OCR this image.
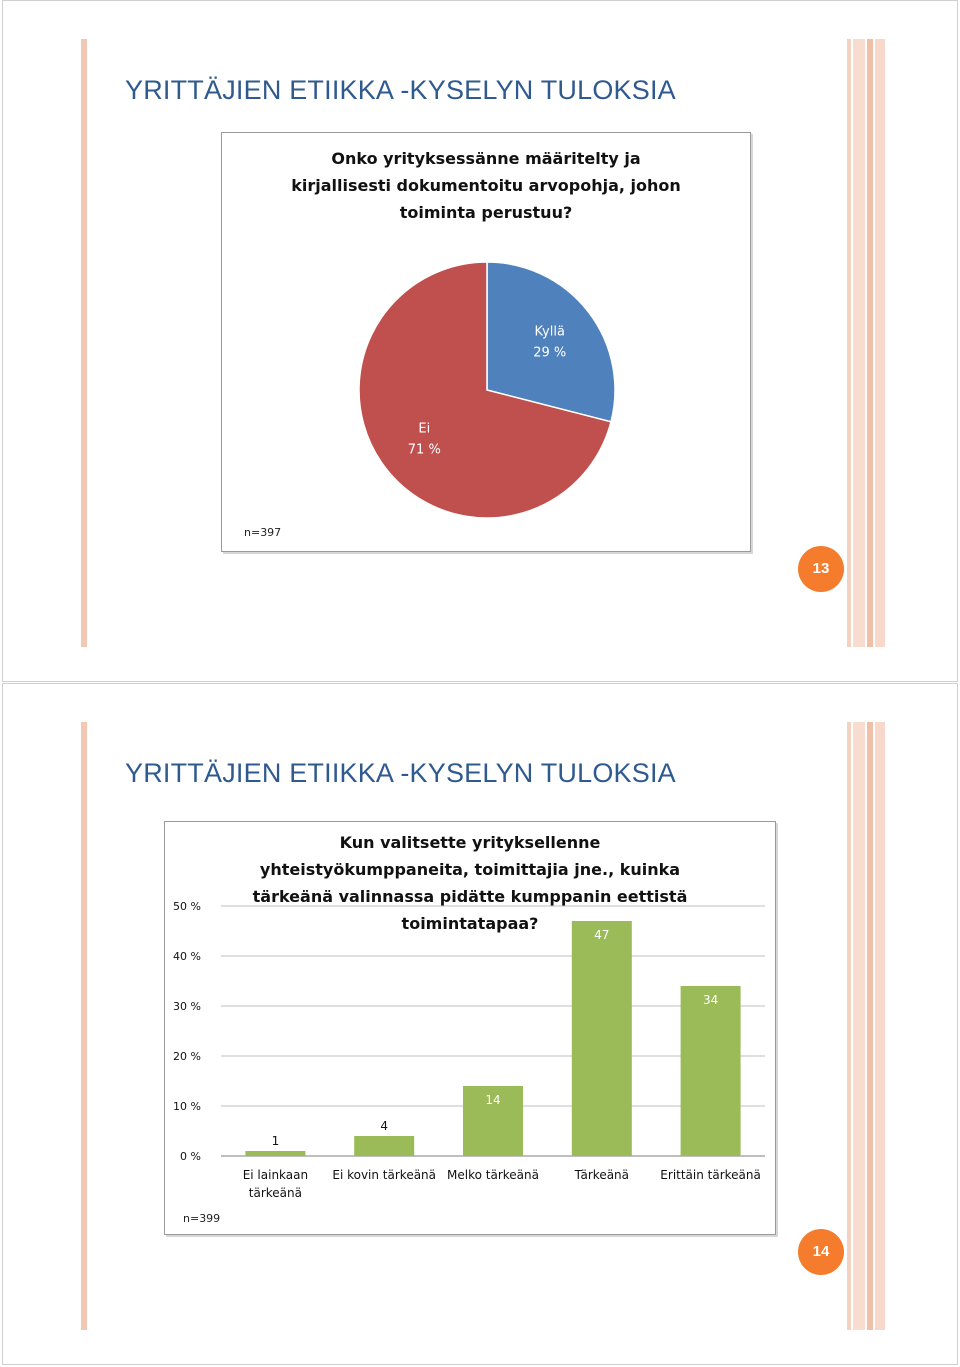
YRITTÄJIEN ETIIKKA -KYSELYN TULOKSIA
Onko yrityksessänne määritelty ja kirjallisesti dokumentoitu arvopohja, johon toiminta perustuu?
Kyllä
29 %
Ei
71 %
n=397
13
YRITTÄJIEN ETIIKKA -KYSELYN TULOKSIA
Kun valitsette yrityksellenne yhteistyökumppaneita, toimittajia jne., kuinka tärkeänä valinnassa pidätte kumppanin eettistä toimintatapaa?
0 %
10 %
20 %
30 %
40 %
50 %
1
Ei lainkaan
tärkeänä
4
Ei kovin tärkeänä
14
Melko tärkeänä
47
Tärkeänä
34
Erittäin tärkeänä
n=399
14
